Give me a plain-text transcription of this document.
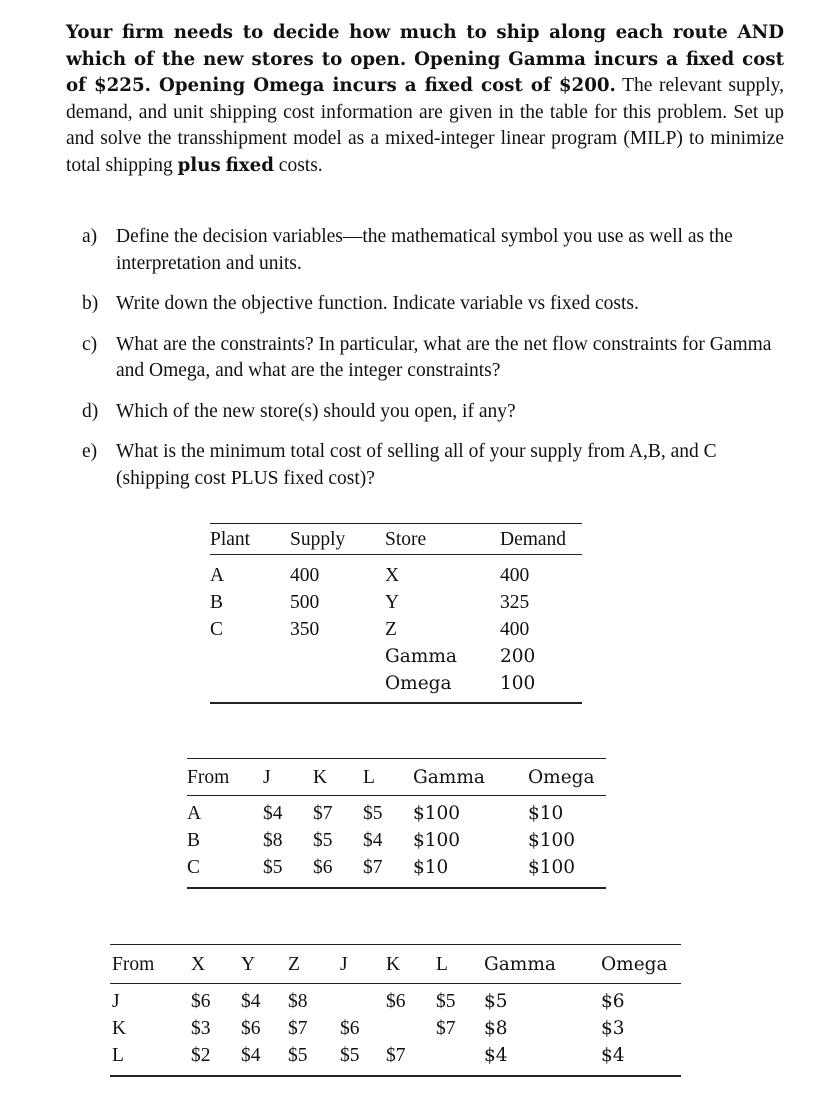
Your firm needs to decide how much to ship along each route AND which of the new stores to open. Opening Gamma incurs a fixed cost of $225. Opening Omega incurs a fixed cost of $200. The relevant supply, demand, and unit shipping cost information are given in the table for this problem. Set up and solve the transshipment model as a mixed-integer linear program (MILP) to minimize total shipping plus fixed costs.
a) Define the decision variables—the mathematical symbol you use as well as the interpretation and units.
b) Write down the objective function. Indicate variable vs fixed costs.
c) What are the constraints? In particular, what are the net flow constraints for Gamma and Omega, and what are the integer constraints?
d) Which of the new store(s) should you open, if any?
e) What is the minimum total cost of selling all of your supply from A,B, and C (shipping cost PLUS fixed cost)?
Plant	Supply	Store	Demand

A	400	X	400
B	500	Y	325
C	350	Z	400
		Gamma	200
		Omega	100
From	J	K	L	Gamma	Omega

A	$4	$7	$5	$100	$10
B	$8	$5	$4	$100	$100
C	$5	$6	$7	$10	$100
From	X	Y	Z	J	K	L	Gamma	Omega

J	$6	$4	$8		$6	$5	$5	$6
K	$3	$6	$7	$6		$7	$8	$3
L	$2	$4	$5	$5	$7		$4	$4
